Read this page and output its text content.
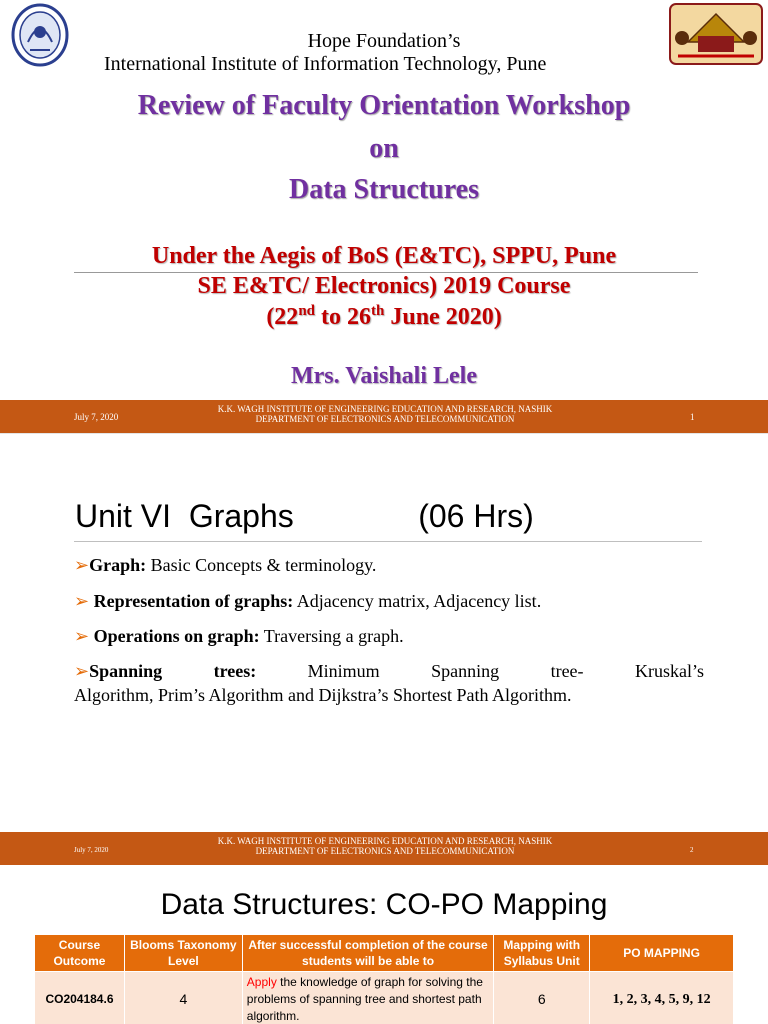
Hope Foundation’s
International Institute of Information Technology, Pune
Review of Faculty Orientation Workshop
on
Data Structures
Under the Aegis of BoS (E&TC), SPPU, Pune
SE E&TC/ Electronics) 2019 Course
(22nd to 26th June 2020)
Mrs. Vaishali Lele
July 7, 2020
K.K. WAGH INSTITUTE OF ENGINEERING EDUCATION AND RESEARCH, NASHIK
DEPARTMENT OF ELECTRONICS AND TELECOMMUNICATION	1
Unit VI  Graphs              (06 Hrs)
➢Graph: Basic Concepts & terminology.
➢ Representation of graphs: Adjacency matrix, Adjacency list.
➢ Operations on graph: Traversing a graph.
➢Spanning trees: Minimum Spanning tree- Kruskal’s
Algorithm, Prim’s Algorithm and Dijkstra’s Shortest Path Algorithm.
July 7, 2020
K.K. WAGH INSTITUTE OF ENGINEERING EDUCATION AND RESEARCH, NASHIK
DEPARTMENT OF ELECTRONICS AND TELECOMMUNICATION	2
Data Structures: CO-PO Mapping
Course Outcome	Blooms Taxonomy Level	After successful completion of the course students will be able to	Mapping with Syllabus Unit	PO MAPPING
CO204184.6	4	Apply the knowledge of graph for solving the problems of spanning tree and shortest path algorithm.	6	1, 2, 3, 4, 5, 9, 12
